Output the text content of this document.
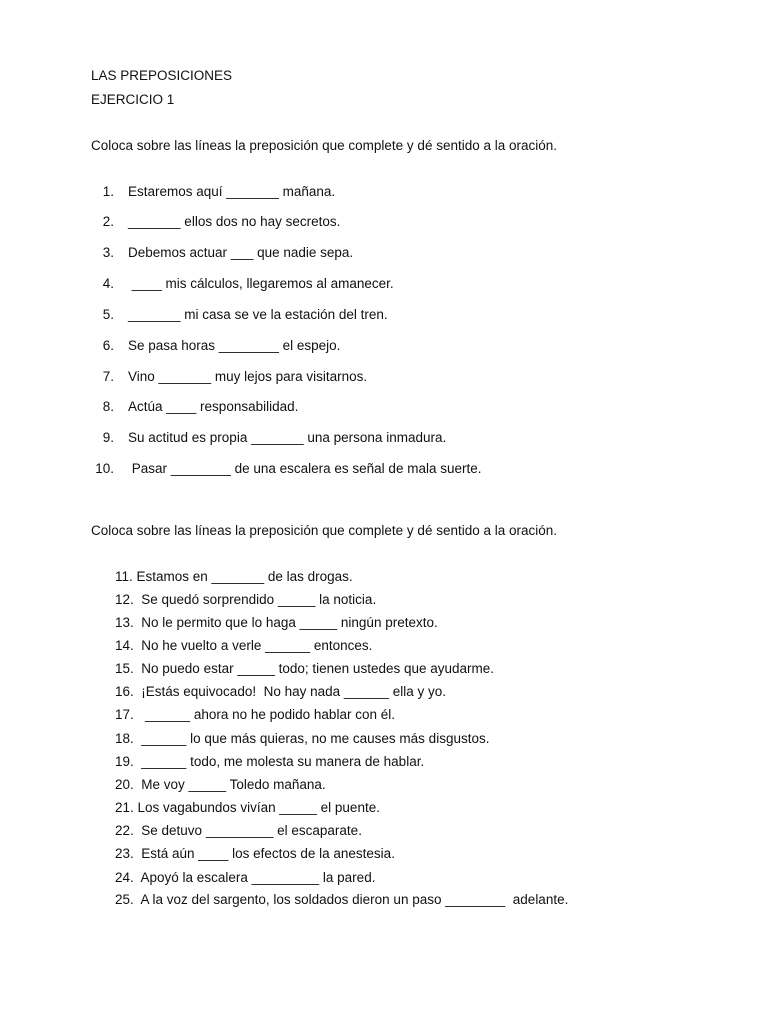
LAS PREPOSICIONES
EJERCICIO 1
Coloca sobre las líneas la preposición que complete y dé sentido a la oración.
1. Estaremos aquí _______ mañana.
2. _______ ellos dos no hay secretos.
3. Debemos actuar ___ que nadie sepa.
4. ____ mis cálculos, llegaremos al amanecer.
5. _______ mi casa se ve la estación del tren.
6. Se pasa horas ________ el espejo.
7. Vino _______ muy lejos para visitarnos.
8. Actúa ____ responsabilidad.
9. Su actitud es propia _______ una persona inmadura.
10. Pasar ________ de una escalera es señal de mala suerte.
Coloca sobre las líneas la preposición que complete y dé sentido a la oración.
11. Estamos en _______ de las drogas.
12.  Se quedó sorprendido _____ la noticia.
13.  No le permito que lo haga _____ ningún pretexto.
14.  No he vuelto a verle ______ entonces.
15.  No puedo estar _____ todo; tienen ustedes que ayudarme.
16.  ¡Estás equivocado!  No hay nada ______ ella y yo.
17.   ______ ahora no he podido hablar con él.
18.  ______ lo que más quieras, no me causes más disgustos.
19.  ______ todo, me molesta su manera de hablar.
20.  Me voy _____ Toledo mañana.
21. Los vagabundos vivían _____ el puente.
22.  Se detuvo _________ el escaparate.
23.  Está aún ____ los efectos de la anestesia.
24.  Apoyó la escalera _________ la pared.
25.  A la voz del sargento, los soldados dieron un paso ________  adelante.
